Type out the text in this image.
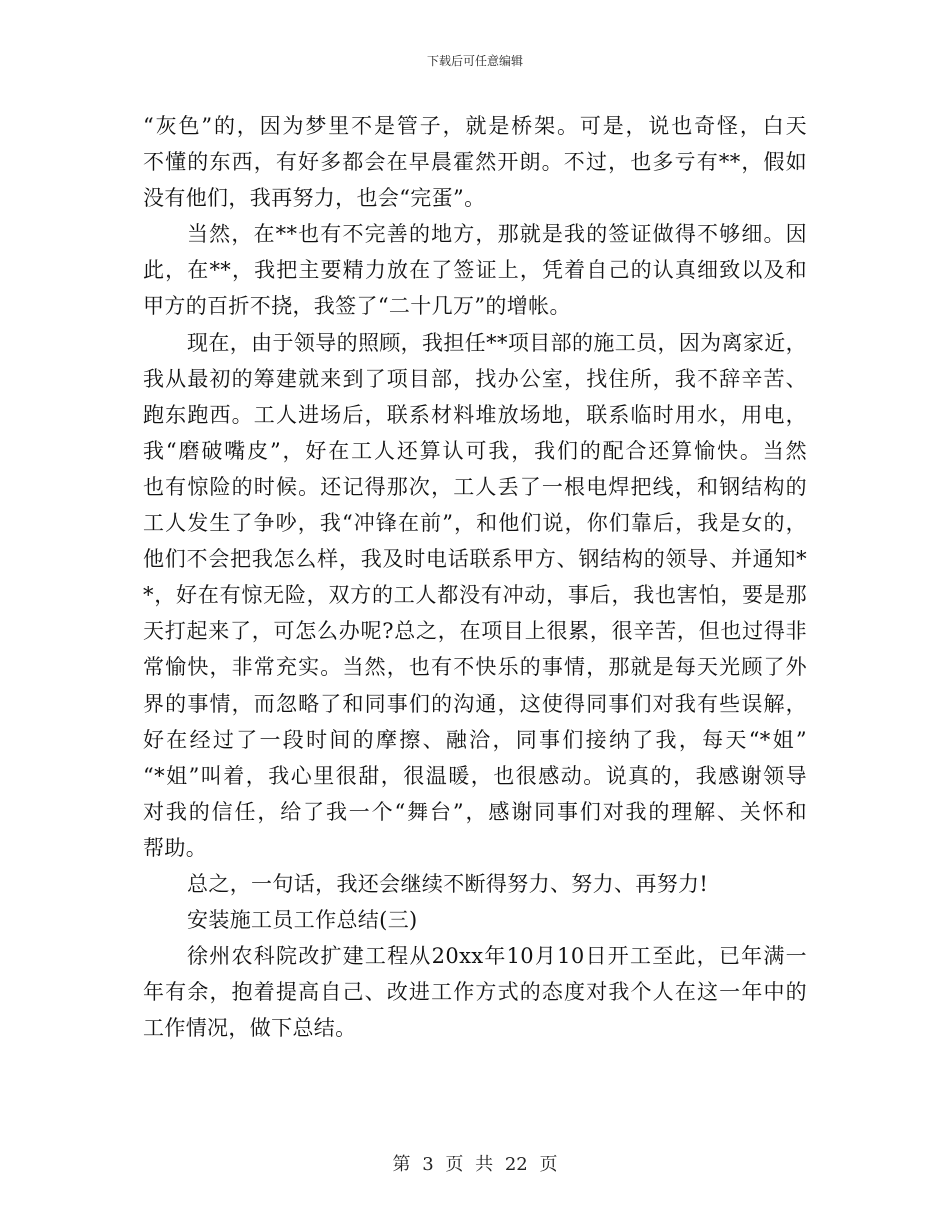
下载后可任意编辑
“灰色”的，因为梦里不是管子，就是桥架。可是，说也奇怪，白天
不懂的东西，有好多都会在早晨霍然开朗。不过，也多亏有**，假如
没有他们，我再努力，也会“完蛋”。
当然，在**也有不完善的地方，那就是我的签证做得不够细。因
此，在**，我把主要精力放在了签证上，凭着自己的认真细致以及和
甲方的百折不挠，我签了“二十几万”的增帐。
现在，由于领导的照顾，我担任**项目部的施工员，因为离家近，
我从最初的筹建就来到了项目部，找办公室，找住所，我不辞辛苦、
跑东跑西。工人进场后，联系材料堆放场地，联系临时用水，用电，
我“磨破嘴皮”，好在工人还算认可我，我们的配合还算愉快。当然
也有惊险的时候。还记得那次，工人丢了一根电焊把线，和钢结构的
工人发生了争吵，我“冲锋在前”，和他们说，你们靠后，我是女的，
他们不会把我怎么样，我及时电话联系甲方、钢结构的领导、并通知*
*，好在有惊无险，双方的工人都没有冲动，事后，我也害怕，要是那
天打起来了，可怎么办呢?总之，在项目上很累，很辛苦，但也过得非
常愉快，非常充实。当然，也有不快乐的事情，那就是每天光顾了外
界的事情，而忽略了和同事们的沟通，这使得同事们对我有些误解，
好在经过了一段时间的摩擦、融洽，同事们接纳了我，每天“*姐”
“*姐”叫着，我心里很甜，很温暖，也很感动。说真的，我感谢领导
对我的信任，给了我一个“舞台”，感谢同事们对我的理解、关怀和
帮助。
总之，一句话，我还会继续不断得努力、努力、再努力!
安装施工员工作总结(三)
徐州农科院改扩建工程从20xx年10月10日开工至此，已年满一
年有余，抱着提高自己、改进工作方式的态度对我个人在这一年中的
工作情况，做下总结。
第 3 页 共 22 页
